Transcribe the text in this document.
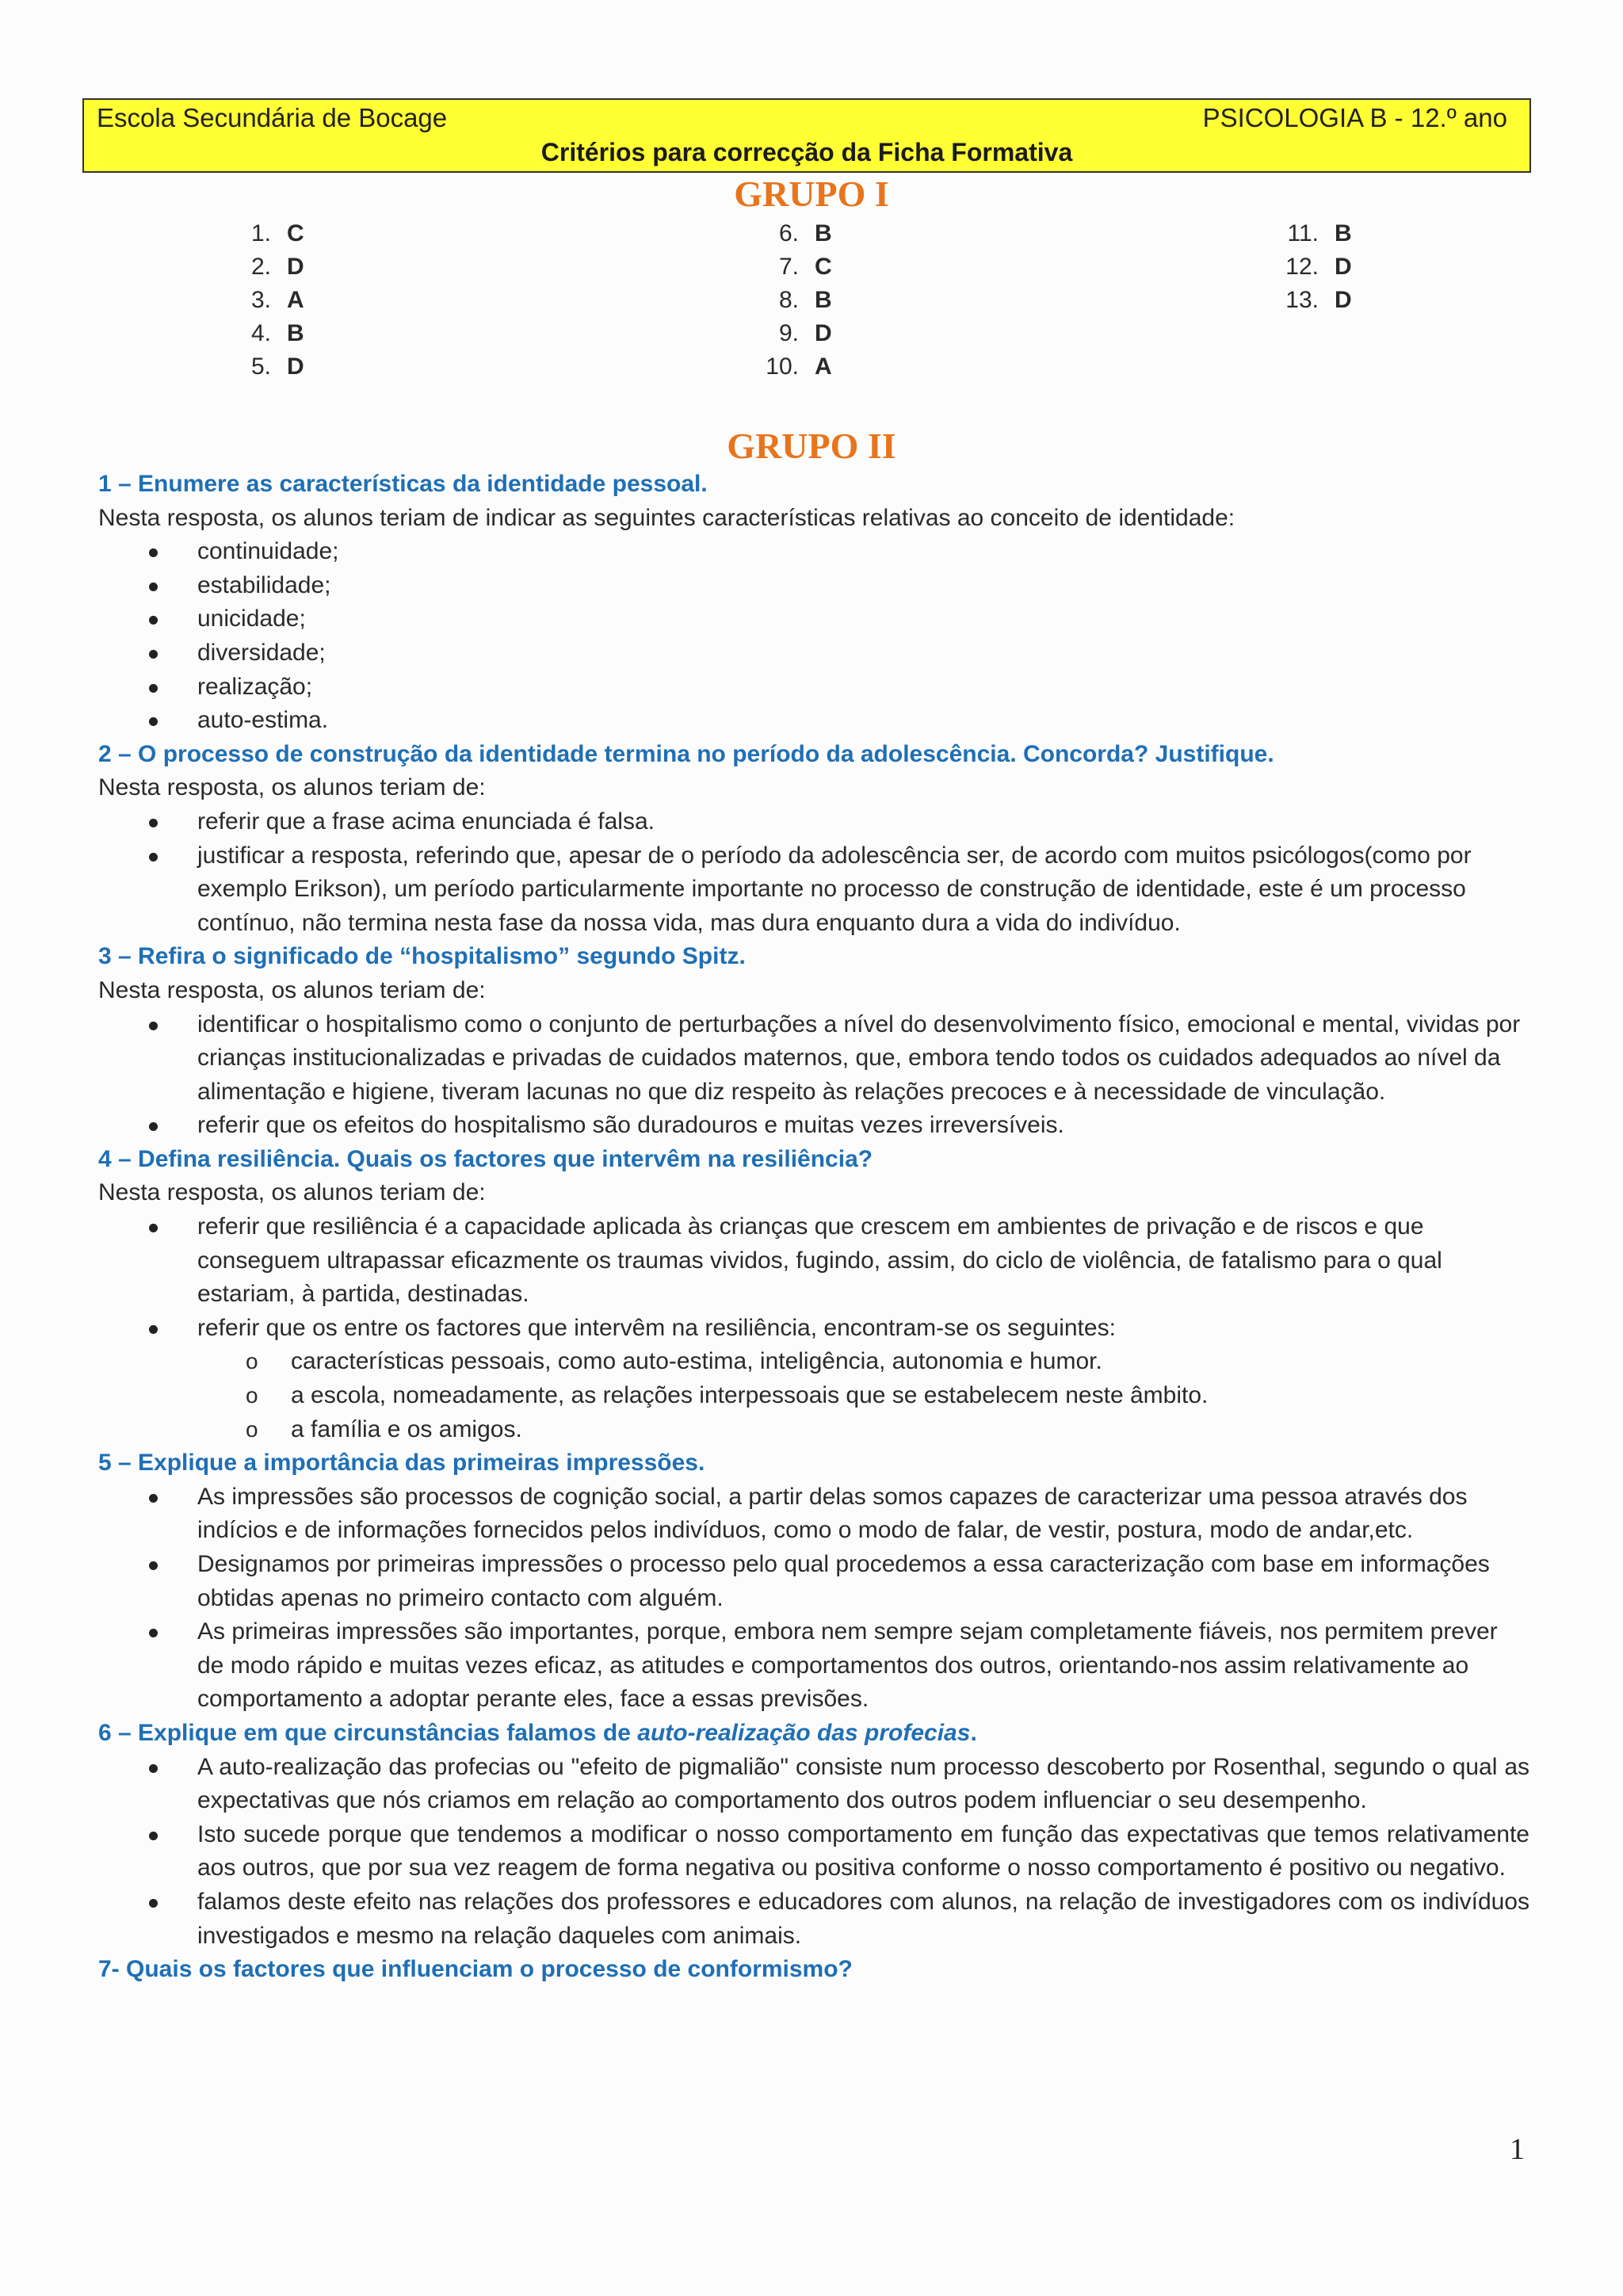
Escola Secundária de Bocage	PSICOLOGIA B - 12.º ano
Critérios para correcção da Ficha Formativa
GRUPO I
1. C
2. D
3. A
4. B
5. D
6. B
7. C
8. B
9. D
10. A
11. B
12. D
13. D
GRUPO II
1 – Enumere as características da identidade pessoal.
Nesta resposta, os alunos teriam de indicar as seguintes características relativas ao conceito de identidade:
continuidade;
estabilidade;
unicidade;
diversidade;
realização;
auto-estima.
2 – O processo de construção da identidade termina no período da adolescência. Concorda? Justifique.
Nesta resposta, os alunos teriam de:
referir que a frase acima enunciada é falsa.
justificar a resposta, referindo que, apesar de o período da adolescência ser, de acordo com muitos psicólogos(como por exemplo Erikson), um período particularmente importante no processo de construção de identidade, este é um processo contínuo, não termina nesta fase da nossa vida, mas dura enquanto dura a vida do indivíduo.
3 – Refira o significado de “hospitalismo” segundo Spitz.
Nesta resposta, os alunos teriam de:
identificar o hospitalismo como o conjunto de perturbações a nível do desenvolvimento físico, emocional e mental, vividas por crianças institucionalizadas e privadas de cuidados maternos, que, embora tendo todos os cuidados adequados ao nível da alimentação e higiene, tiveram lacunas no que diz respeito às relações precoces e à necessidade de vinculação.
referir que os efeitos do hospitalismo são duradouros e muitas vezes irreversíveis.
4 – Defina resiliência. Quais os factores que intervêm na resiliência?
Nesta resposta, os alunos teriam de:
referir que resiliência é a capacidade aplicada às crianças que crescem em ambientes de privação e de riscos e que conseguem ultrapassar eficazmente os traumas vividos, fugindo, assim, do ciclo de violência, de fatalismo para o qual estariam, à partida, destinadas.
referir que os entre os factores que intervêm na resiliência, encontram-se os seguintes:
o características pessoais, como auto-estima, inteligência, autonomia e humor.
o a escola, nomeadamente, as relações interpessoais que se estabelecem neste âmbito.
o a família e os amigos.
5 – Explique a importância das primeiras impressões.
As impressões são processos de cognição social, a partir delas somos capazes de caracterizar uma pessoa através dos indícios e de informações fornecidos pelos indivíduos, como o modo de falar, de vestir, postura, modo de andar,etc.
Designamos por primeiras impressões o processo pelo qual procedemos a essa caracterização com base em informações obtidas apenas no primeiro contacto com alguém.
As primeiras impressões são importantes, porque, embora nem sempre sejam completamente fiáveis, nos permitem prever de modo rápido e muitas vezes eficaz, as atitudes e comportamentos dos outros, orientando-nos assim relativamente ao comportamento a adoptar perante eles, face a essas previsões.
6 – Explique em que circunstâncias falamos de auto-realização das profecias.
A auto-realização das profecias ou "efeito de pigmalião" consiste num processo descoberto por Rosenthal, segundo o qual as expectativas que nós criamos em relação ao comportamento dos outros podem influenciar o seu desempenho.
Isto sucede porque que tendemos a modificar o nosso comportamento em função das expectativas que temos relativamente aos outros, que por sua vez reagem de forma negativa ou positiva conforme o nosso comportamento é positivo ou negativo.
falamos deste efeito nas relações dos professores e educadores com alunos, na relação de investigadores com os indivíduos investigados e mesmo na relação daqueles com animais.
7- Quais os factores que influenciam o processo de conformismo?
1
